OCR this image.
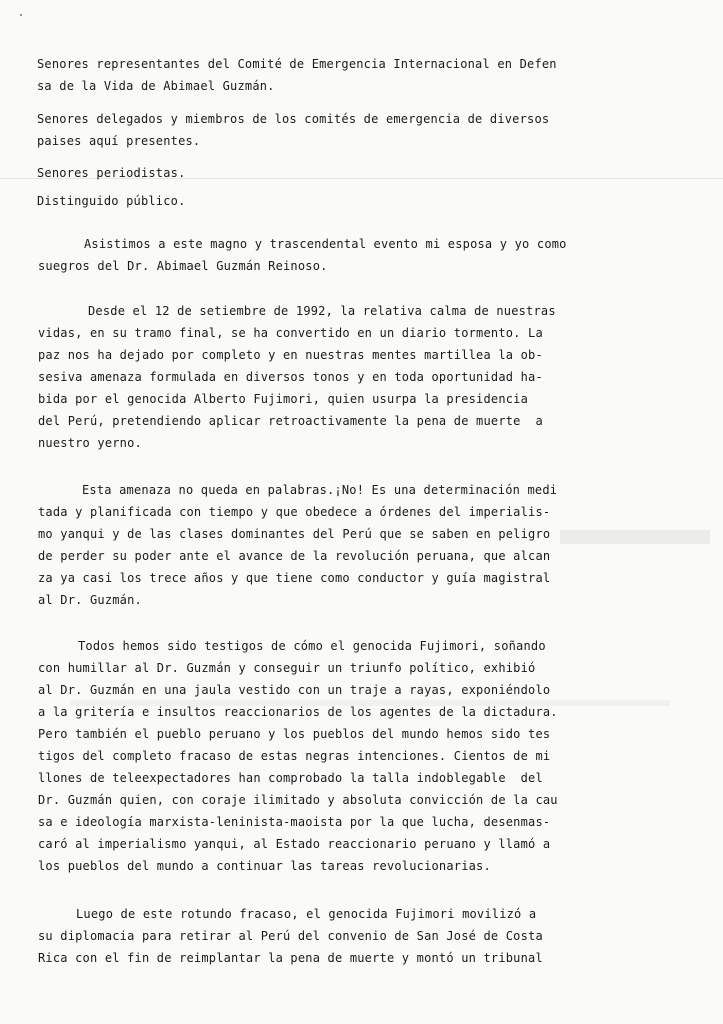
Senores representantes del Comité de Emergencia Internacional en Defen

sa de la Vida de Abimael Guzmán.

Senores delegados y miembros de los comités de emergencia de diversos

paises aquí presentes.

Senores periodistas.

Distinguido público.

Asistimos a este magno y trascendental evento mi esposa y yo como

suegros del Dr. Abimael Guzmán Reinoso.

Desde el 12 de setiembre de 1992, la relativa calma de nuestras

vidas, en su tramo final, se ha convertido en un diario tormento. La

paz nos ha dejado por completo y en nuestras mentes martillea la ob-

sesiva amenaza formulada en diversos tonos y en toda oportunidad ha-

bida por el genocida Alberto Fujimori, quien usurpa la presidencia

del Perú, pretendiendo aplicar retroactivamente la pena de muerte  a

nuestro yerno.

Esta amenaza no queda en palabras.¡No! Es una determinación medi

tada y planificada con tiempo y que obedece a órdenes del imperialis-

mo yanqui y de las clases dominantes del Perú que se saben en peligro

de perder su poder ante el avance de la revolución peruana, que alcan

za ya casi los trece años y que tiene como conductor y guía magistral

al Dr. Guzmán.

Todos hemos sido testigos de cómo el genocida Fujimori, soñando

con humillar al Dr. Guzmán y conseguir un triunfo político, exhibió

al Dr. Guzmán en una jaula vestido con un traje a rayas, exponiéndolo

a la gritería e insultos reaccionarios de los agentes de la dictadura.

Pero también el pueblo peruano y los pueblos del mundo hemos sido tes

tigos del completo fracaso de estas negras intenciones. Cientos de mi

llones de teleexpectadores han comprobado la talla indoblegable  del

Dr. Guzmán quien, con coraje ilimitado y absoluta convicción de la cau

sa e ideología marxista-leninista-maoista por la que lucha, desenmas-

caró al imperialismo yanqui, al Estado reaccionario peruano y llamó a

los pueblos del mundo a continuar las tareas revolucionarias.

Luego de este rotundo fracaso, el genocida Fujimori movilizó a

su diplomacia para retirar al Perú del convenio de San José de Costa

Rica con el fin de reimplantar la pena de muerte y montó un tribunal
